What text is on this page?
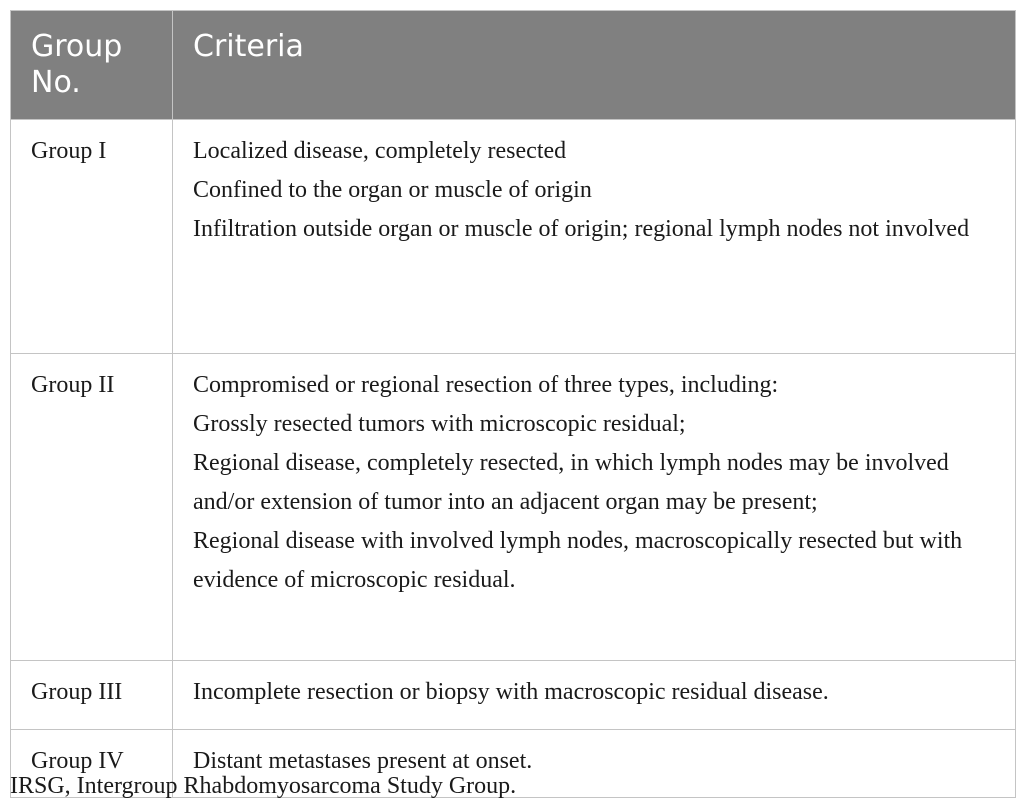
Group No.	Criteria
Group I	Localized disease, completely resected
Confined to the organ or muscle of origin
Infiltration outside organ or muscle of origin; regional lymph nodes not involved

Group II	Compromised or regional resection of three types, including:
Grossly resected tumors with microscopic residual;
Regional disease, completely resected, in which lymph nodes may be involved and/or extension of tumor into an adjacent organ may be present;
Regional disease with involved lymph nodes, macroscopically resected but with evidence of microscopic residual.

Group III	Incomplete resection or biopsy with macroscopic residual disease.

Group IV	Distant metastases present at onset.
IRSG, Intergroup Rhabdomyosarcoma Study Group.
